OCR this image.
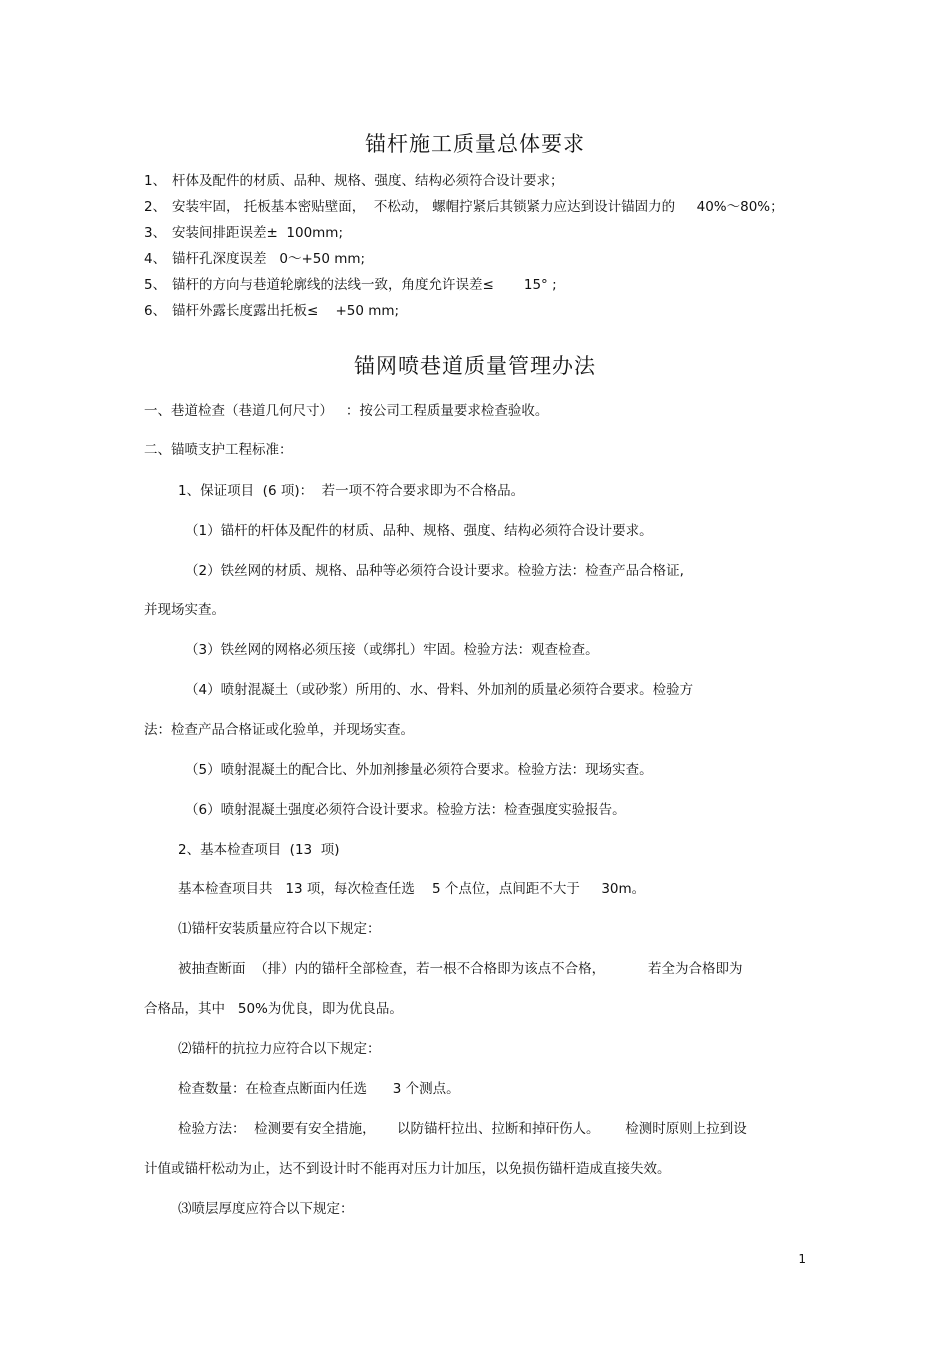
锚杆施工质量总体要求
1、 杆体及配件的材质、品种、规格、强度、结构必须符合设计要求；
2、 安装牢固， 托板基本密贴壁面，  不松动， 螺帽拧紧后其锁紧力应达到设计锚固力的     40%～80%；
3、 安装间排距误差±  100mm;
4、 锚杆孔深度误差   0～+50 mm;
5、 锚杆的方向与巷道轮廓线的法线一致，角度允许误差≤       15° ;
6、 锚杆外露长度露出托板≤    +50 mm;
锚网喷巷道质量管理办法
一、巷道检查（巷道几何尺寸）   ：按公司工程质量要求检查验收。
二、锚喷支护工程标准：
1、保证项目  (6 项)：  若一项不符合要求即为不合格品。
（1）锚杆的杆体及配件的材质、品种、规格、强度、结构必须符合设计要求。
（2）铁丝网的材质、规格、品种等必须符合设计要求。检验方法：检查产品合格证,
并现场实查。
（3）铁丝网的网格必须压接（或绑扎）牢固。检验方法：观查检查。
（4）喷射混凝土（或砂浆）所用的、水、骨料、外加剂的质量必须符合要求。检验方
法：检查产品合格证或化验单，并现场实查。
（5）喷射混凝土的配合比、外加剂掺量必须符合要求。检验方法：现场实查。
（6）喷射混凝土强度必须符合设计要求。检验方法：检查强度实验报告。
2、基本检查项目  (13  项)
基本检查项目共   13 项，每次检查任选    5 个点位，点间距不大于     30m。
⑴锚杆安装质量应符合以下规定：
被抽查断面  （排）内的锚杆全部检查，若一根不合格即为该点不合格，          若全为合格即为
合格品，其中   50%为优良，即为优良品。
⑵锚杆的抗拉力应符合以下规定：
检查数量：在检查点断面内任选      3 个测点。
检验方法：  检测要有安全措施，     以防锚杆拉出、拉断和掉矸伤人。      检测时原则上拉到设
计值或锚杆松动为止，达不到设计时不能再对压力计加压，以免损伤锚杆造成直接失效。
⑶喷层厚度应符合以下规定：
1
